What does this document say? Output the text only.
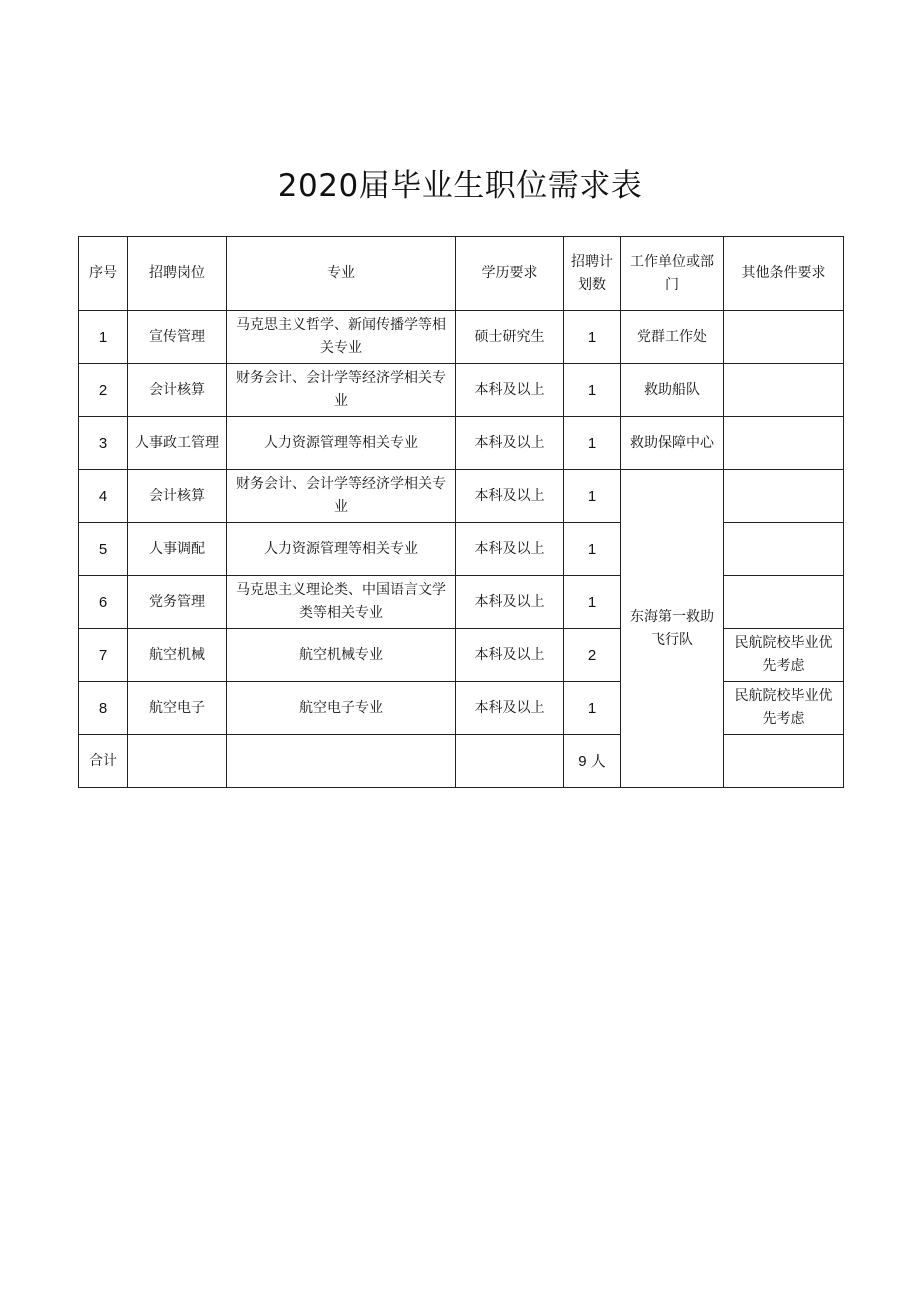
2020届毕业生职位需求表
序号	招聘岗位	专业	学历要求	招聘计划数	工作单位或部门	其他条件要求
1	宣传管理	马克思主义哲学、新闻传播学等相关专业	硕士研究生	1	党群工作处	
2	会计核算	财务会计、会计学等经济学相关专业	本科及以上	1	救助船队	
3	人事政工管理	人力资源管理等相关专业	本科及以上	1	救助保障中心	
4	会计核算	财务会计、会计学等经济学相关专业	本科及以上	1	东海第一救助飞行队	

5	人事调配	人力资源管理等相关专业	本科及以上	1		
6	党务管理	马克思主义理论类、中国语言文学类等相关专业	本科及以上	1		
7	航空机械	航空机械专业	本科及以上	2		民航院校毕业优先考虑
8	航空电子	航空电子专业	本科及以上	1		民航院校毕业优先考虑
合计				9 人		
